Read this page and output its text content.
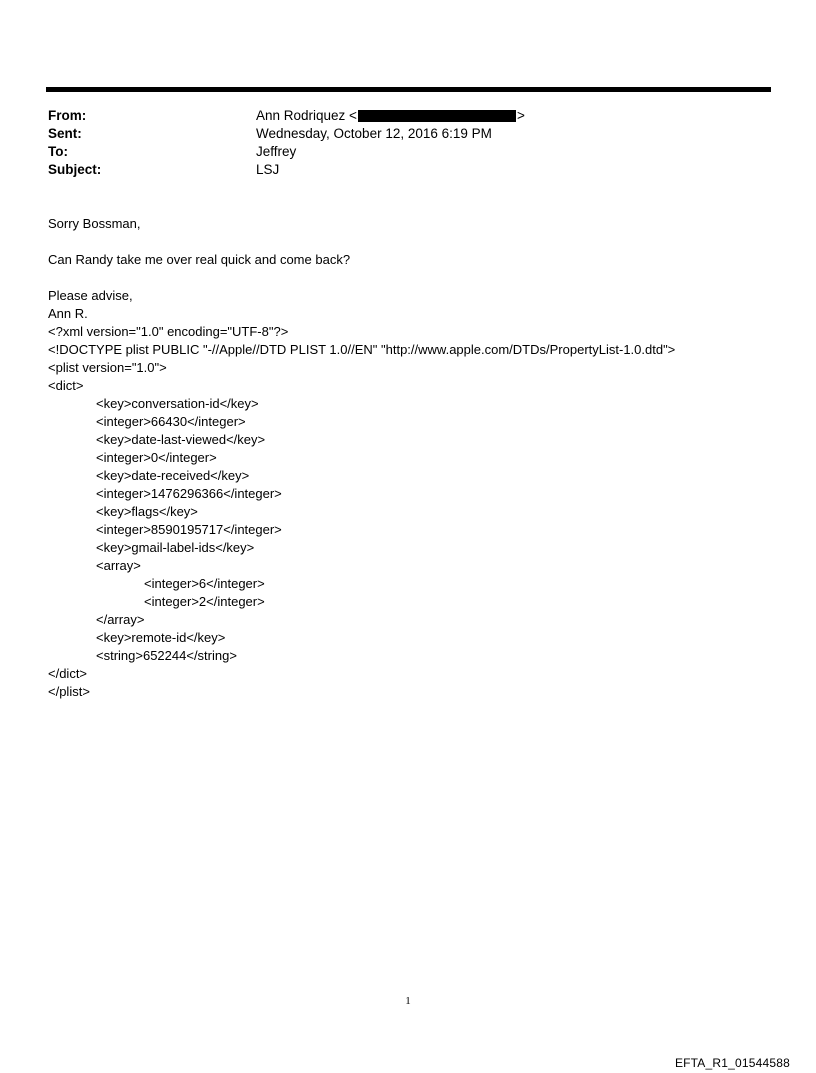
From:	Ann Rodriquez <	>
Sent:	Wednesday, October 12, 2016 6:19 PM
To:	Jeffrey
Subject:	LSJ
Sorry Bossman,
Can Randy take me over real quick and come back?
Please advise,
Ann R.
<?xml version="1.0" encoding="UTF-8"?>
<!DOCTYPE plist PUBLIC "-//Apple//DTD PLIST 1.0//EN" "http://www.apple.com/DTDs/PropertyList-1.0.dtd">
<plist version="1.0">
<dict>
<key>conversation-id</key>
<integer>66430</integer>
<key>date-last-viewed</key>
<integer>0</integer>
<key>date-received</key>
<integer>1476296366</integer>
<key>flags</key>
<integer>8590195717</integer>
<key>gmail-label-ids</key>
<array>
<integer>6</integer>
<integer>2</integer>
</array>
<key>remote-id</key>
<string>652244</string>
</dict>
</plist>
1
EFTA_R1_01544588
